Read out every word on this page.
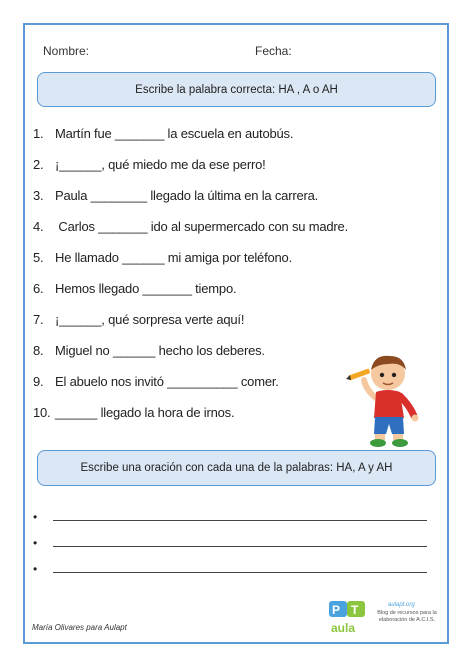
Nombre:	Fecha:
Escribe la palabra correcta: HA , A o AH
1. Martín fue _______ la escuela en autobús.
2. ¡______, qué miedo me da ese perro!
3. Paula ________ llegado la última en la carrera.
4. Carlos _______ ido al supermercado con su madre.
5. He llamado ______ mi amiga por teléfono.
6. Hemos llegado _______ tiempo.
7. ¡______, qué sorpresa verte aquí!
8. Miguel no ______ hecho los deberes.
9. El abuelo nos invitó __________ comer.
10. ______ llegado la hora de irnos.
Escribe una oración con cada una de la palabras: HA, A y AH
•
•
•
María Olivares para Aulapt
P T
aula
aulapt.org
Blog de recursos para la elaboración de A.C.I.S.
